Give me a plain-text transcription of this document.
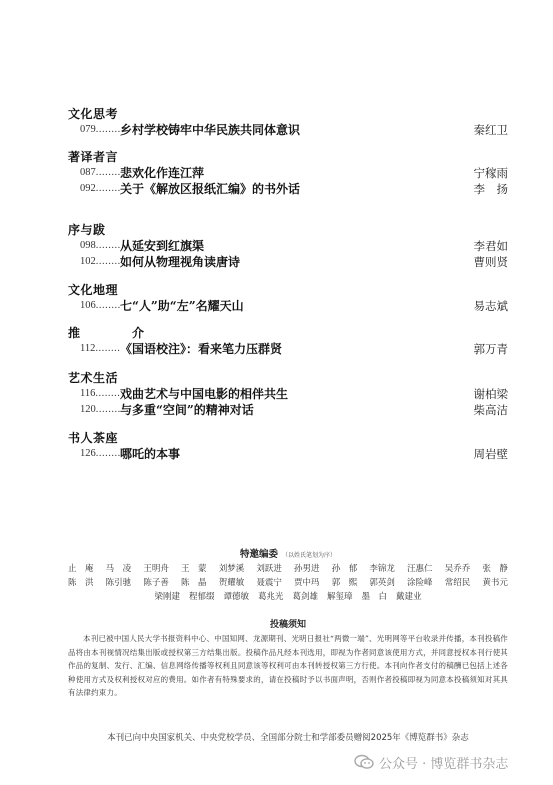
文化思考
079 .....	乡村学校铸牢中华民族共同体意识	秦红卫
著译者言
087 .....	悲欢化作连江萍	宁稼雨
092 .....	关于《解放区报纸汇编》的书外话	李　扬
序与跋
098 .....	从延安到红旗渠	李君如
102 .....	如何从物理视角读唐诗	曹则贤
文化地理
106 .....	七“人”助“左”名耀天山	易志斌
推　介
112 .....	《国语校注》：看来笔力压群贤	郭万青
艺术生活
116 .....	戏曲艺术与中国电影的相伴共生	谢柏梁
120 .....	与多重“空间”的精神对话	柴高洁
书人茶座
126 .....	哪吒的本事	周岩壁
特邀编委 （以姓氏笔划为序）
止　庵 马　凌 王明舟 王　蒙 刘梦溪 刘跃进 孙男进 孙　郁 李锦龙 汪惠仁 吴乔乔 张　静
陈　洪 陈引驰 陈子善 陈　晶 贺耀敏 聂震宁 贾中玛 郭　熙 郭英剑 涂险峰 常绍民 黄书元
梁刚建 程郁缀 谭德敏 葛兆光 葛剑雄 解玺璋 墨　白 戴建业
投稿须知
本刊已被中国人民大学书报资料中心、中国知网、龙源期刊、光明日报社“两微一端”、光明网等平台收录并传播，本刊投稿作品将由本刊视情况结集出版或授权第三方结集出版。投稿作品凡经本刊选用，即视为作者同意该使用方式，并同意授权本刊行使其作品的复制、发行、汇编、信息网络传播等权利且同意该等权利可由本刊转授权第三方行使。本刊向作者支付的稿酬已包括上述各种使用方式及权利授权对应的费用。如作者有特殊要求的，请在投稿时予以书面声明，否则作者投稿即视为同意本投稿须知对其具有法律约束力。
本刊已向中央国家机关、中央党校学员、全国部分院士和学部委员赠阅2025年《博览群书》杂志
公众号 · 博览群书杂志
